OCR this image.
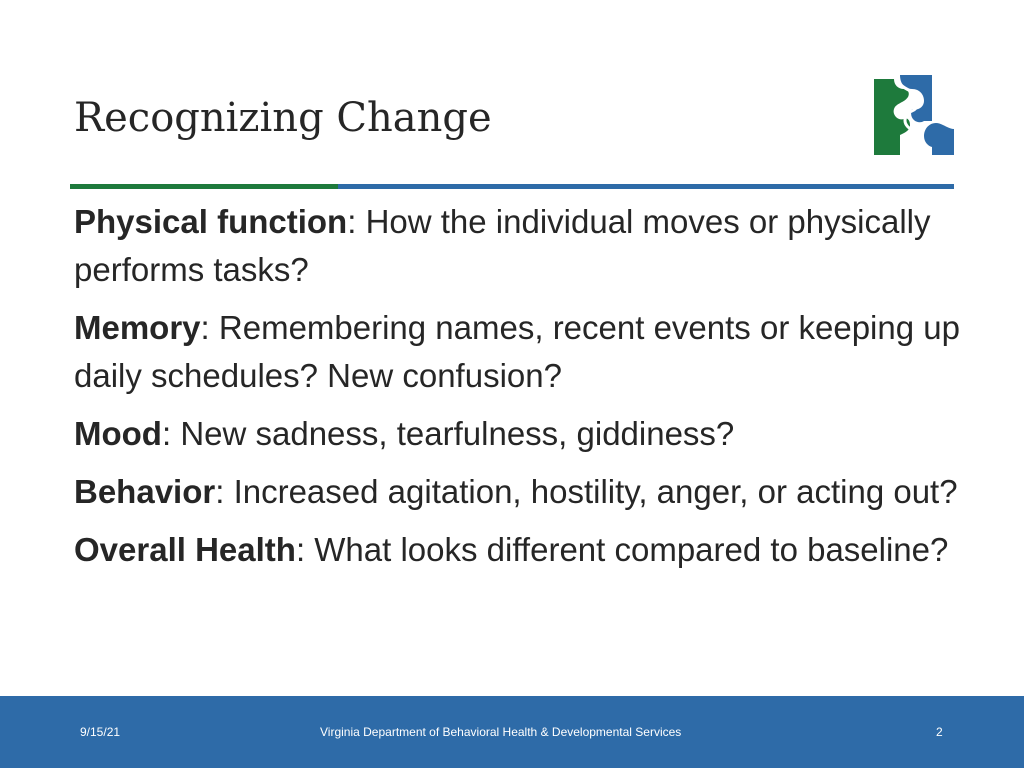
Recognizing Change

Physical function: How the individual moves or physically performs tasks?

Memory: Remembering names, recent events or keeping up daily schedules? New confusion?

Mood: New sadness, tearfulness, giddiness?

Behavior: Increased agitation, hostility, anger, or acting out?

Overall Health: What looks different compared to baseline?

9/15/21	Virginia Department of Behavioral Health & Developmental Services	2
